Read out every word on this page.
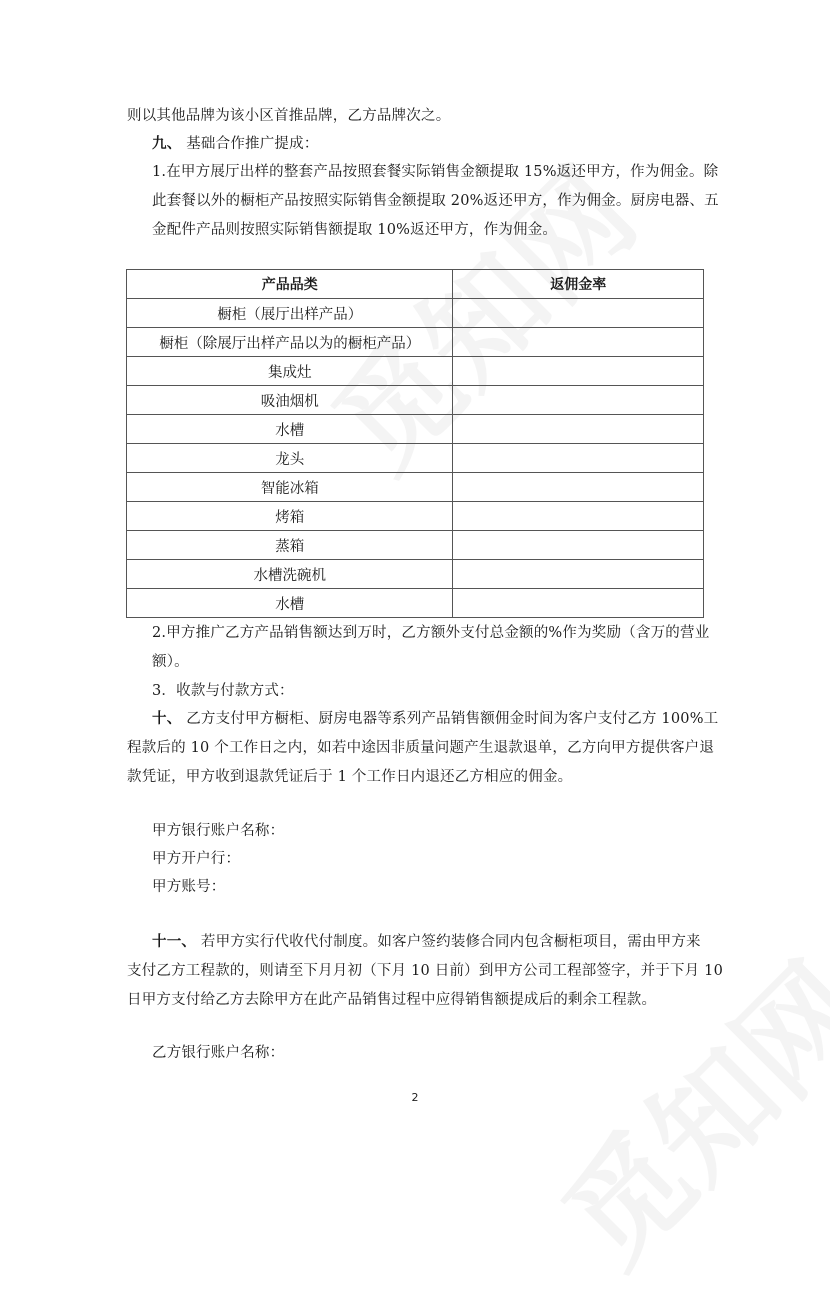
则以其他品牌为该小区首推品牌，乙方品牌次之。
九、 基础合作推广提成：
1.在甲方展厅出样的整套产品按照套餐实际销售金额提取 15%返还甲方，作为佣金。除
此套餐以外的橱柜产品按照实际销售金额提取 20%返还甲方，作为佣金。厨房电器、五
金配件产品则按照实际销售额提取 10%返还甲方，作为佣金。
产品品类	返佣金率
橱柜（展厅出样产品）	
橱柜（除展厅出样产品以为的橱柜产品）	
集成灶	
吸油烟机	
水槽	
龙头	
智能冰箱	
烤箱	
蒸箱	
水槽洗碗机	
水槽	
2.甲方推广乙方产品销售额达到万时，乙方额外支付总金额的%作为奖励（含万的营业
额）。
3．收款与付款方式：
十、 乙方支付甲方橱柜、厨房电器等系列产品销售额佣金时间为客户支付乙方 100%工
程款后的 10 个工作日之内，如若中途因非质量问题产生退款退单，乙方向甲方提供客户退
款凭证，甲方收到退款凭证后于 1 个工作日内退还乙方相应的佣金。
甲方银行账户名称：
甲方开户行：
甲方账号：
十一、 若甲方实行代收代付制度。如客户签约装修合同内包含橱柜项目，需由甲方来
支付乙方工程款的，则请至下月月初（下月 10 日前）到甲方公司工程部签字，并于下月 10
日甲方支付给乙方去除甲方在此产品销售过程中应得销售额提成后的剩余工程款。
乙方银行账户名称：
2
